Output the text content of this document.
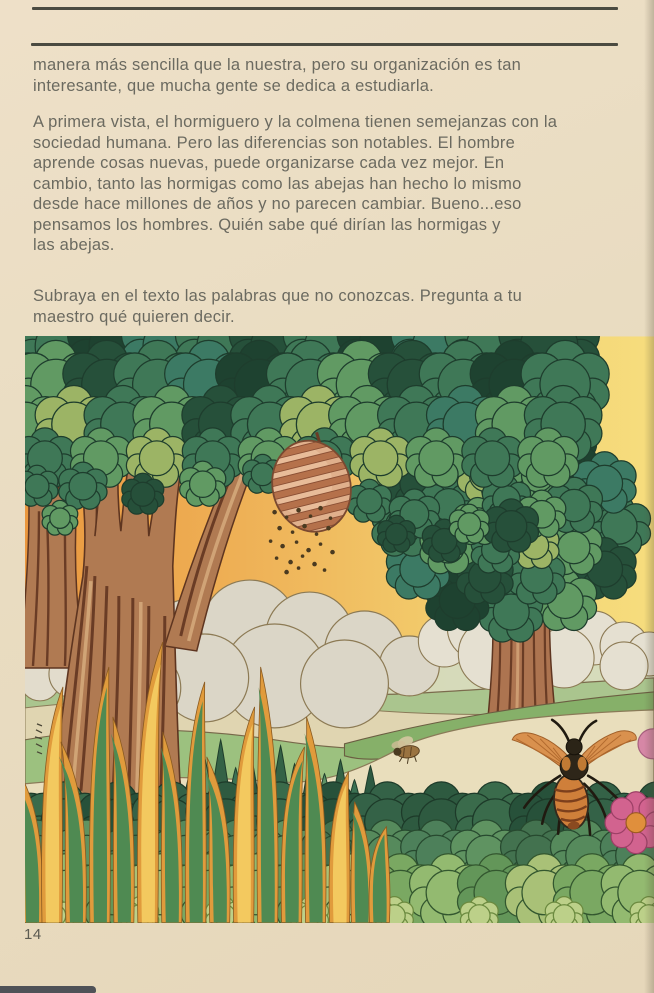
manera más sencilla que la nuestra, pero su organización es tan
interesante, que mucha gente se dedica a estudiarla.
A primera vista, el hormiguero y la colmena tienen semejanzas con la
sociedad humana. Pero las diferencias son notables. El hombre
aprende cosas nuevas, puede organizarse cada vez mejor. En
cambio, tanto las hormigas como las abejas han hecho lo mismo
desde hace millones de años y no parecen cambiar. Bueno...eso
pensamos los hombres. Quién sabe qué dirían las hormigas y
las abejas.
Subraya en el texto las palabras que no conozcas. Pregunta a tu
maestro qué quieren decir.
14
